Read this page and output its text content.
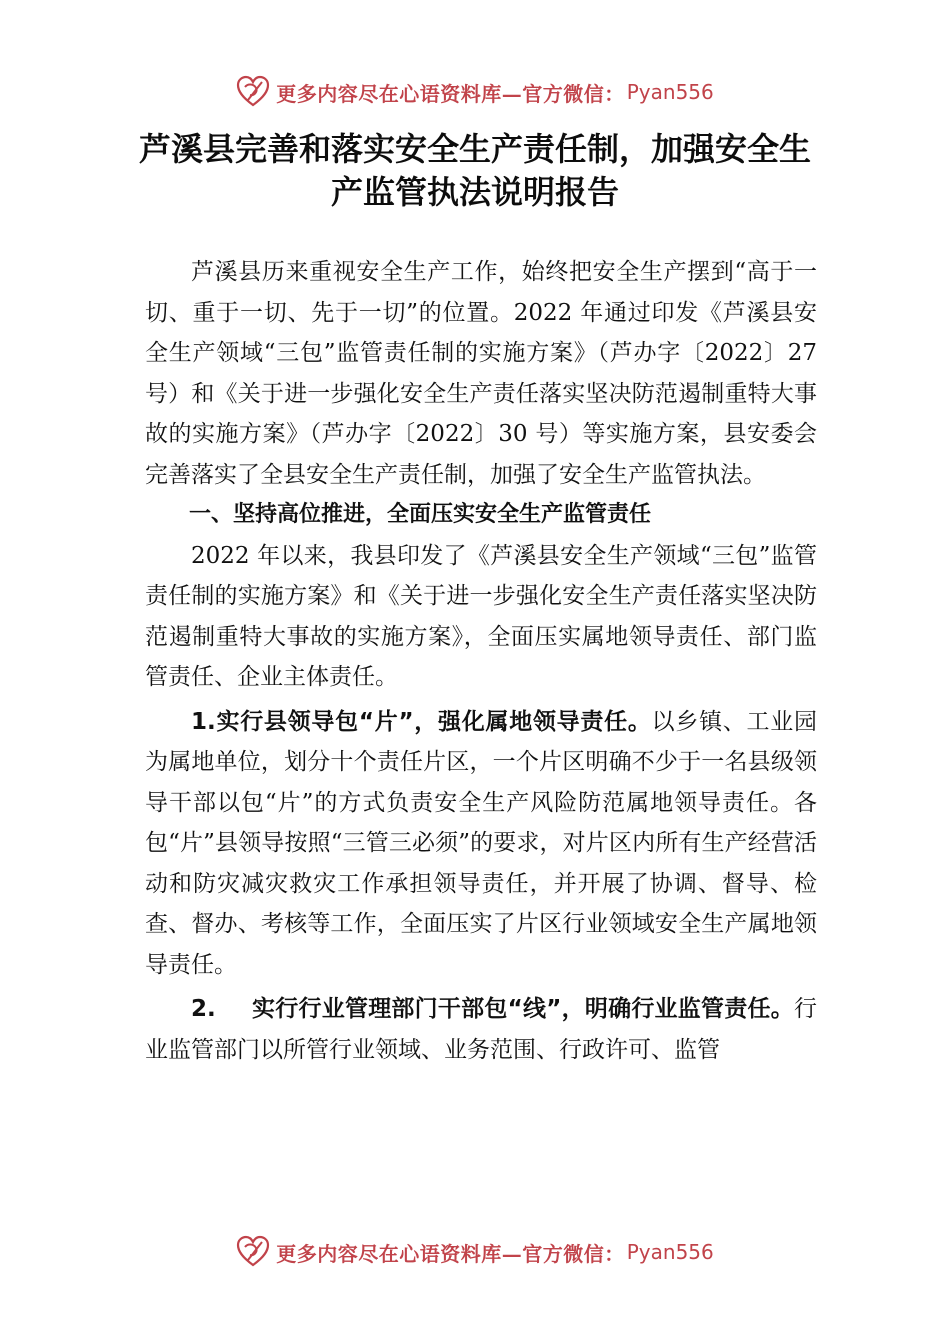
更多内容尽在心语资料库—官方微信： Pyan556
芦溪县完善和落实安全生产责任制，加强安全生产监管执法说明报告

芦溪县历来重视安全生产工作，始终把安全生产摆到“高于一切、重于一切、先于一切”的位置。2022 年通过印发《芦溪县安全生产领域“三包”监管责任制的实施方案》（芦办字〔2022〕27 号）和《关于进一步强化安全生产责任落实坚决防范遏制重特大事故的实施方案》（芦办字〔2022〕30 号）等实施方案，县安委会完善落实了全县安全生产责任制，加强了安全生产监管执法。

一、坚持高位推进，全面压实安全生产监管责任

2022 年以来，我县印发了《芦溪县安全生产领域“三包”监管责任制的实施方案》和《关于进一步强化安全生产责任落实坚决防范遏制重特大事故的实施方案》，全面压实属地领导责任、部门监管责任、企业主体责任。

1.实行县领导包“片”，强化属地领导责任。以乡镇、工业园为属地单位，划分十个责任片区，一个片区明确不少于一名县级领导干部以包“片”的方式负责安全生产风险防范属地领导责任。各包“片”县领导按照“三管三必须”的要求，对片区内所有生产经营活动和防灾减灾救灾工作承担领导责任，并开展了协调、督导、检查、督办、考核等工作，全面压实了片区行业领域安全生产属地领导责任。

2. 实行行业管理部门干部包“线”，明确行业监管责任。行业监管部门以所管行业领域、业务范围、行政许可、监管

更多内容尽在心语资料库—官方微信： Pyan556
